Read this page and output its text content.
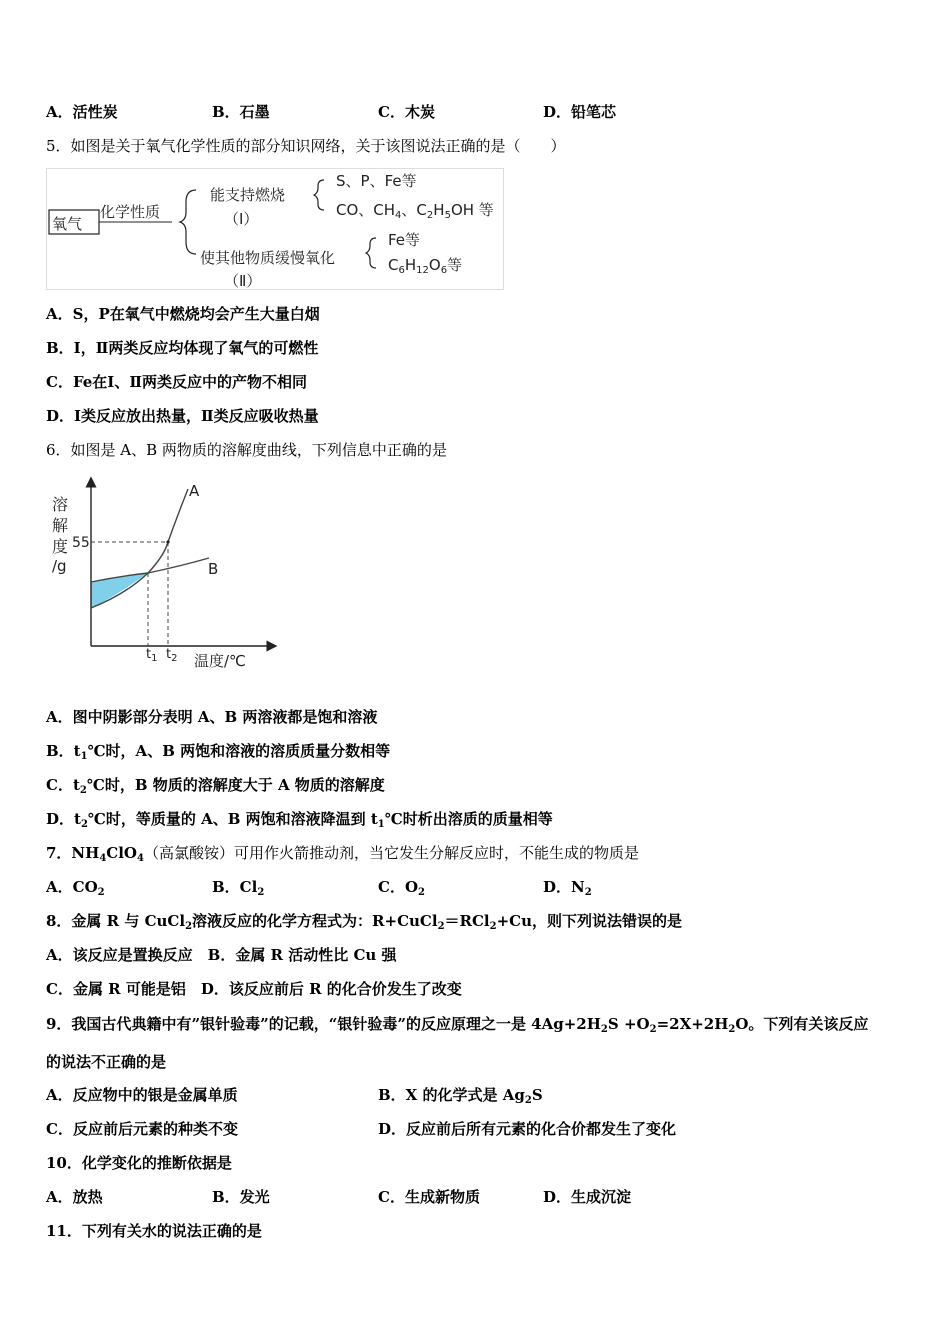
A．活性炭	B．石墨	C．木炭	D．铅笔芯
5．如图是关于氧气化学性质的部分知识网络，关于该图说法正确的是（　　）
氧气
化学性质
能支持燃烧
（Ⅰ）
S、P、Fe等
CO、$CH_4$、$C_2H_5OH$ 等
使其他物质缓慢氧化
（Ⅱ）
Fe等
$C_6H_{12}O_6$等
A．S，P在氧气中燃烧均会产生大量白烟
B．Ⅰ，Ⅱ两类反应均体现了氧气的可燃性
C．Fe在Ⅰ、Ⅱ两类反应中的产物不相同
D．Ⅰ类反应放出热量，Ⅱ类反应吸收热量
6．如图是 A、B 两物质的溶解度曲线，下列信息中正确的是
溶
解
度
/g
55
A
B
$t_1$ $t_2$ 温度/℃
A．图中阴影部分表明 A、B 两溶液都是饱和溶液
B．$t_1℃$时，A、B 两饱和溶液的溶质质量分数相等
C．$t_2℃$时，B 物质的溶解度大于 A 物质的溶解度
D．$t_2℃$时，等质量的 A、B 两饱和溶液降温到 $t_1℃$时析出溶质的质量相等
7．$NH_4ClO_4$（高氯酸铵）可用作火箭推动剂，当它发生分解反应时，不能生成的物质是
A．$CO_2$	B．$Cl_2$	C．$O_2$	D．$N_2$
8．金属 R 与 CuCl$_2$溶液反应的化学方程式为：R+CuCl$_2$＝RCl$_2$+Cu，则下列说法错误的是
A．该反应是置换反应　B．金属 R 活动性比 Cu 强
C．金属 R 可能是铝　D．该反应前后 R 的化合价发生了改变
9．我国古代典籍中有”银针验毒”的记载，“银针验毒”的反应原理之一是 $4Ag+2H_2S +O_2=2X+2H_2O$。下列有关该反应
的说法不正确的是
A．反应物中的银是金属单质	B．X 的化学式是 $Ag_2S$
C．反应前后元素的种类不变	D．反应前后所有元素的化合价都发生了变化
10．化学变化的推断依据是
A．放热	B．发光	C．生成新物质	D．生成沉淀
11．下列有关水的说法正确的是
